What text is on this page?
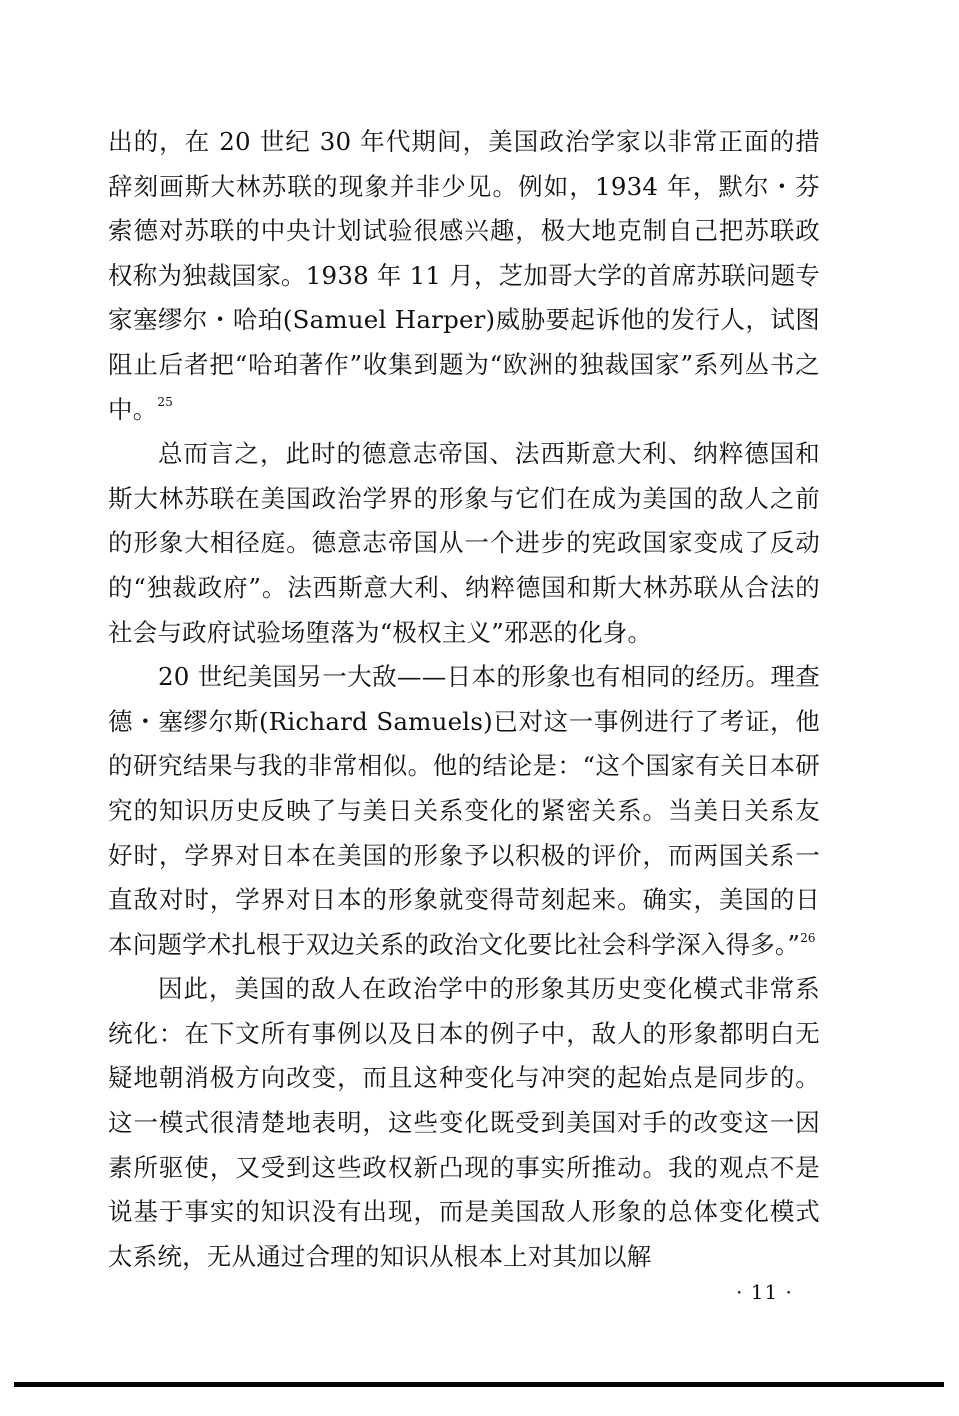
出的，在 20 世纪 30 年代期间，美国政治学家以非常正面的措辞刻画斯大林苏联的现象并非少见。例如，1934 年，默尔・芬索德对苏联的中央计划试验很感兴趣，极大地克制自己把苏联政权称为独裁国家。1938 年 11 月，芝加哥大学的首席苏联问题专家塞缪尔・哈珀(Samuel Harper)威胁要起诉他的发行人，试图阻止后者把“哈珀著作”收集到题为“欧洲的独裁国家”系列丛书之中。$^{25}$

总而言之，此时的德意志帝国、法西斯意大利、纳粹德国和斯大林苏联在美国政治学界的形象与它们在成为美国的敌人之前的形象大相径庭。德意志帝国从一个进步的宪政国家变成了反动的“独裁政府”。法西斯意大利、纳粹德国和斯大林苏联从合法的社会与政府试验场堕落为“极权主义”邪恶的化身。

20 世纪美国另一大敌——日本的形象也有相同的经历。理查德・塞缪尔斯(Richard Samuels)已对这一事例进行了考证，他的研究结果与我的非常相似。他的结论是：“这个国家有关日本研究的知识历史反映了与美日关系变化的紧密关系。当美日关系友好时，学界对日本在美国的形象予以积极的评价，而两国关系一直敌对时，学界对日本的形象就变得苛刻起来。确实，美国的日本问题学术扎根于双边关系的政治文化要比社会科学深入得多。”$^{26}$

因此，美国的敌人在政治学中的形象其历史变化模式非常系统化：在下文所有事例以及日本的例子中，敌人的形象都明白无疑地朝消极方向改变，而且这种变化与冲突的起始点是同步的。这一模式很清楚地表明，这些变化既受到美国对手的改变这一因素所驱使，又受到这些政权新凸现的事实所推动。我的观点不是说基于事实的知识没有出现，而是美国敌人形象的总体变化模式太系统，无从通过合理的知识从根本上对其加以解

· 11 ·
